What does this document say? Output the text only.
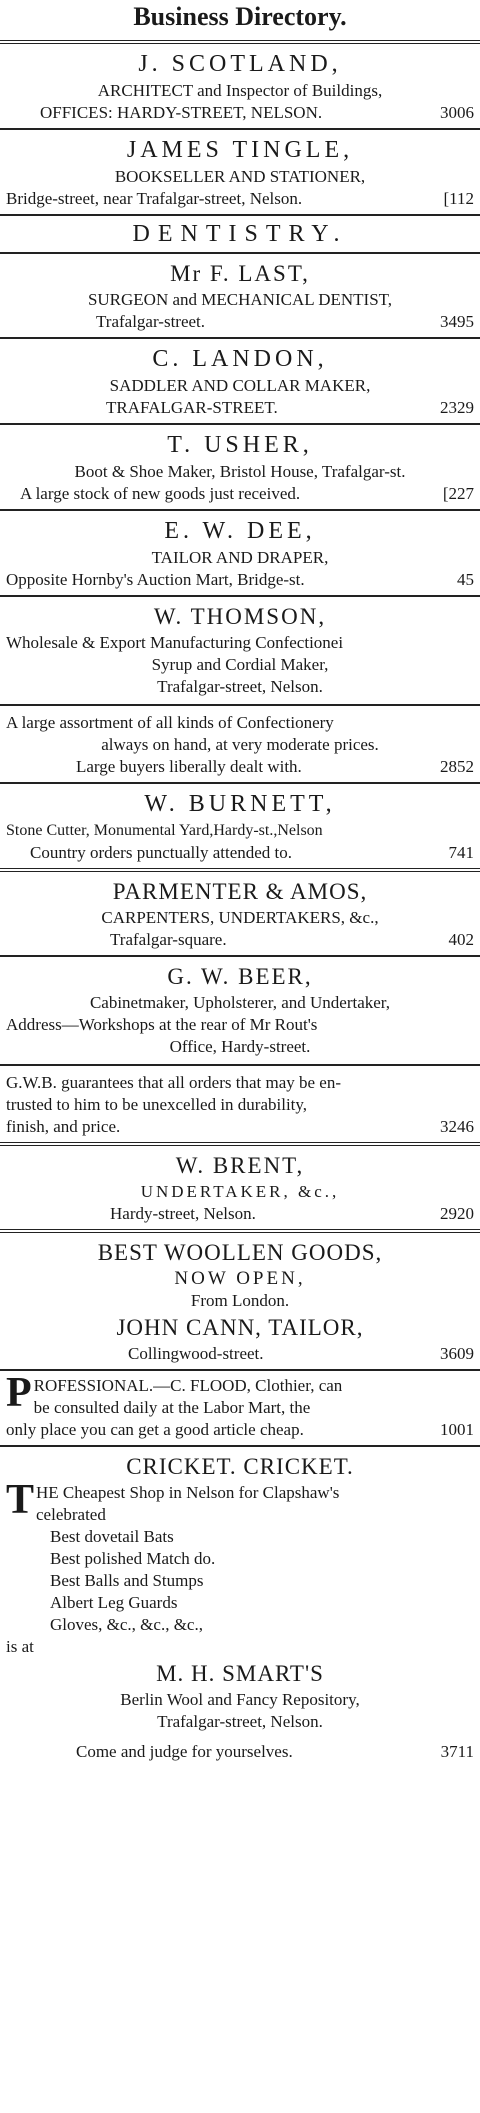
Business Directory.
J. SCOTLAND,
ARCHITECT and Inspector of Buildings,
OFFICES: HARDY-STREET, NELSON.	3006
JAMES TINGLE,
BOOKSELLER AND STATIONER,
Bridge-street, near Trafalgar-street, Nelson.	[112
DENTISTRY.
Mr F. LAST,
SURGEON and MECHANICAL DENTIST,
Trafalgar-street.	3495
C. LANDON,
SADDLER AND COLLAR MAKER,
TRAFALGAR-STREET.	2329
T. USHER,
Boot & Shoe Maker, Bristol House, Trafalgar-st.
A large stock of new goods just received.	[227
E. W. DEE,
TAILOR AND DRAPER,
Opposite Hornby's Auction Mart, Bridge-st.	45
W. THOMSON,
Wholesale & Export Manufacturing Confectionei
Syrup and Cordial Maker,
Trafalgar-street, Nelson.
A large assortment of all kinds of Confectionery
always on hand, at very moderate prices.
Large buyers liberally dealt with.	2852
W. BURNETT,
Stone Cutter, Monumental Yard,Hardy-st.,Nelson
Country orders punctually attended to.	741
PARMENTER & AMOS,
CARPENTERS, UNDERTAKERS, &c.,
Trafalgar-square.	402
G. W. BEER,
Cabinetmaker, Upholsterer, and Undertaker,
Address—Workshops at the rear of Mr Rout's
Office, Hardy-street.
G.W.B. guarantees that all orders that may be en-
trusted to him to be unexcelled in durability,
finish, and price.	3246
W. BRENT,
UNDERTAKER, &c.,
Hardy-street, Nelson.	2920
BEST WOOLLEN GOODS,
NOW OPEN,
From London.
JOHN CANN, TAILOR,
Collingwood-street.	3609
P ROFESSIONAL.—C. FLOOD, Clothier, can
be consulted daily at the Labor Mart, the
only place you can get a good article cheap.	1001
CRICKET. CRICKET.
T HE Cheapest Shop in Nelson for Clapshaw's
celebrated
Best dovetail Bats
Best polished Match do.
Best Balls and Stumps
Albert Leg Guards
Gloves, &c., &c., &c.,
is at
M. H. SMART'S
Berlin Wool and Fancy Repository,
Trafalgar-street, Nelson.
Come and judge for yourselves.	3711
